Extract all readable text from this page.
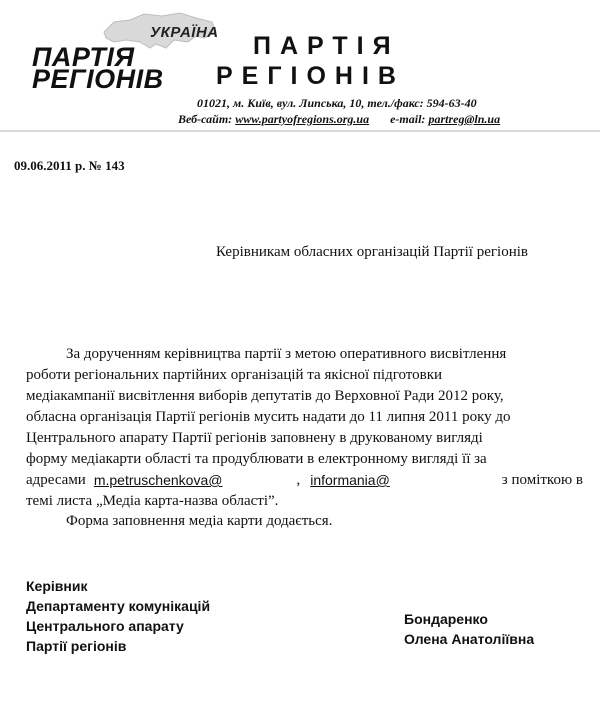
УКРАЇНА
ПАРТІЯ
РЕГІОНІВ
ПАРТІЯ
РЕГІОНІВ
01021, м. Київ, вул. Липська, 10, тел./факс: 594-63-40
Веб-сайт: www.partyofregions.org.ua e-mail: partreg@ln.ua
09.06.2011 р. № 143
Керівникам обласних організацій Партії регіонів
За дорученням керівництва партії з метою оперативного висвітлення
роботи регіональних партійних організацій та якісної підготовки
медіакампанії висвітлення виборів депутатів до Верховної Ради 2012 року,
обласна організація Партії регіонів мусить надати до 11 липня 2011 року до
Центрального апарату Партії регіонів заповнену в друкованому вигляді
форму медіакарти області та продублювати в електронному вигляді її за
адресами m.petruschenkova@	, informania@	з поміткою в
темі листа „Медіа карта-назва області”.
Форма заповнення медіа карти додається.
Керівник
Департаменту комунікацій
Центрального апарату
Партії регіонів
Бондаренко
Олена Анатоліївна
